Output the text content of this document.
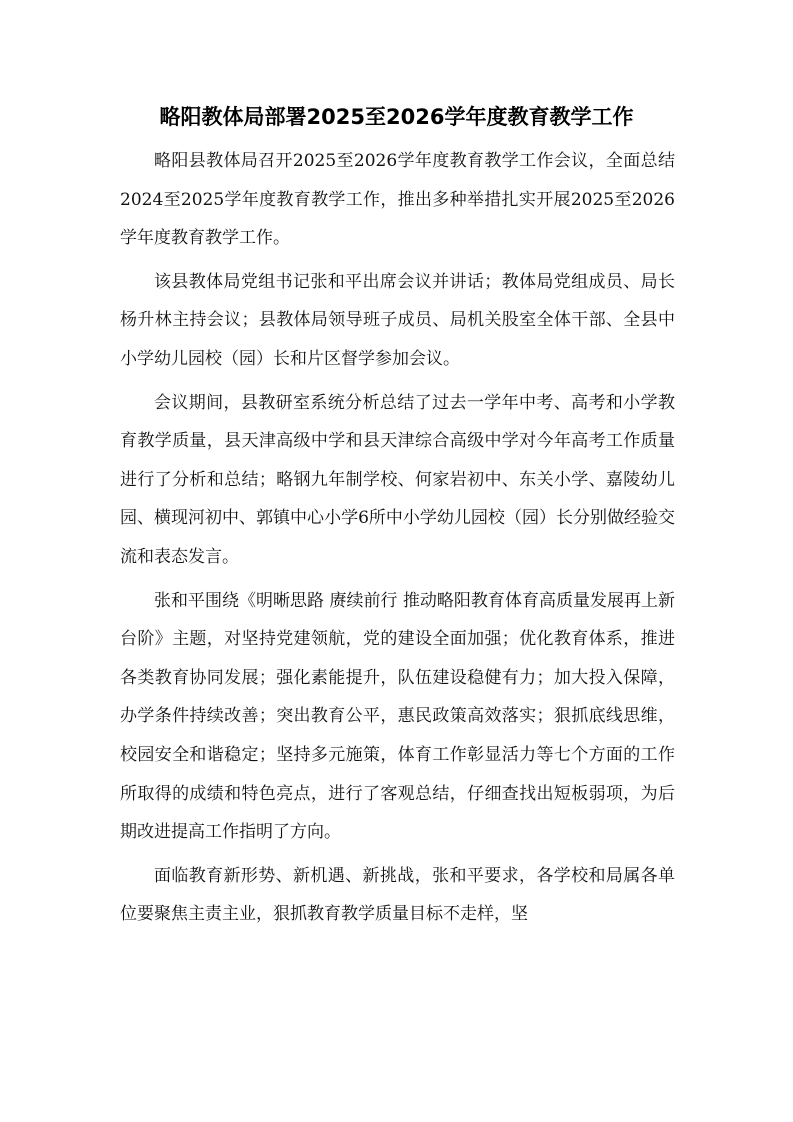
略阳教体局部署2025至2026学年度教育教学工作

略阳县教体局召开2025至2026学年度教育教学工作会议，全面总结2024至2025学年度教育教学工作，推出多种举措扎实开展2025至2026学年度教育教学工作。

该县教体局党组书记张和平出席会议并讲话；教体局党组成员、局长杨升林主持会议；县教体局领导班子成员、局机关股室全体干部、全县中小学幼儿园校（园）长和片区督学参加会议。

会议期间，县教研室系统分析总结了过去一学年中考、高考和小学教育教学质量，县天津高级中学和县天津综合高级中学对今年高考工作质量进行了分析和总结；略钢九年制学校、何家岩初中、东关小学、嘉陵幼儿园、横现河初中、郭镇中心小学6所中小学幼儿园校（园）长分别做经验交流和表态发言。

张和平围绕《明晰思路 赓续前行 推动略阳教育体育高质量发展再上新台阶》主题，对坚持党建领航，党的建设全面加强；优化教育体系，推进各类教育协同发展；强化素能提升，队伍建设稳健有力；加大投入保障，办学条件持续改善；突出教育公平，惠民政策高效落实；狠抓底线思维，校园安全和谐稳定；坚持多元施策，体育工作彰显活力等七个方面的工作所取得的成绩和特色亮点，进行了客观总结，仔细查找出短板弱项，为后期改进提高工作指明了方向。

面临教育新形势、新机遇、新挑战，张和平要求，各学校和局属各单位要聚焦主责主业，狠抓教育教学质量目标不走样，坚
